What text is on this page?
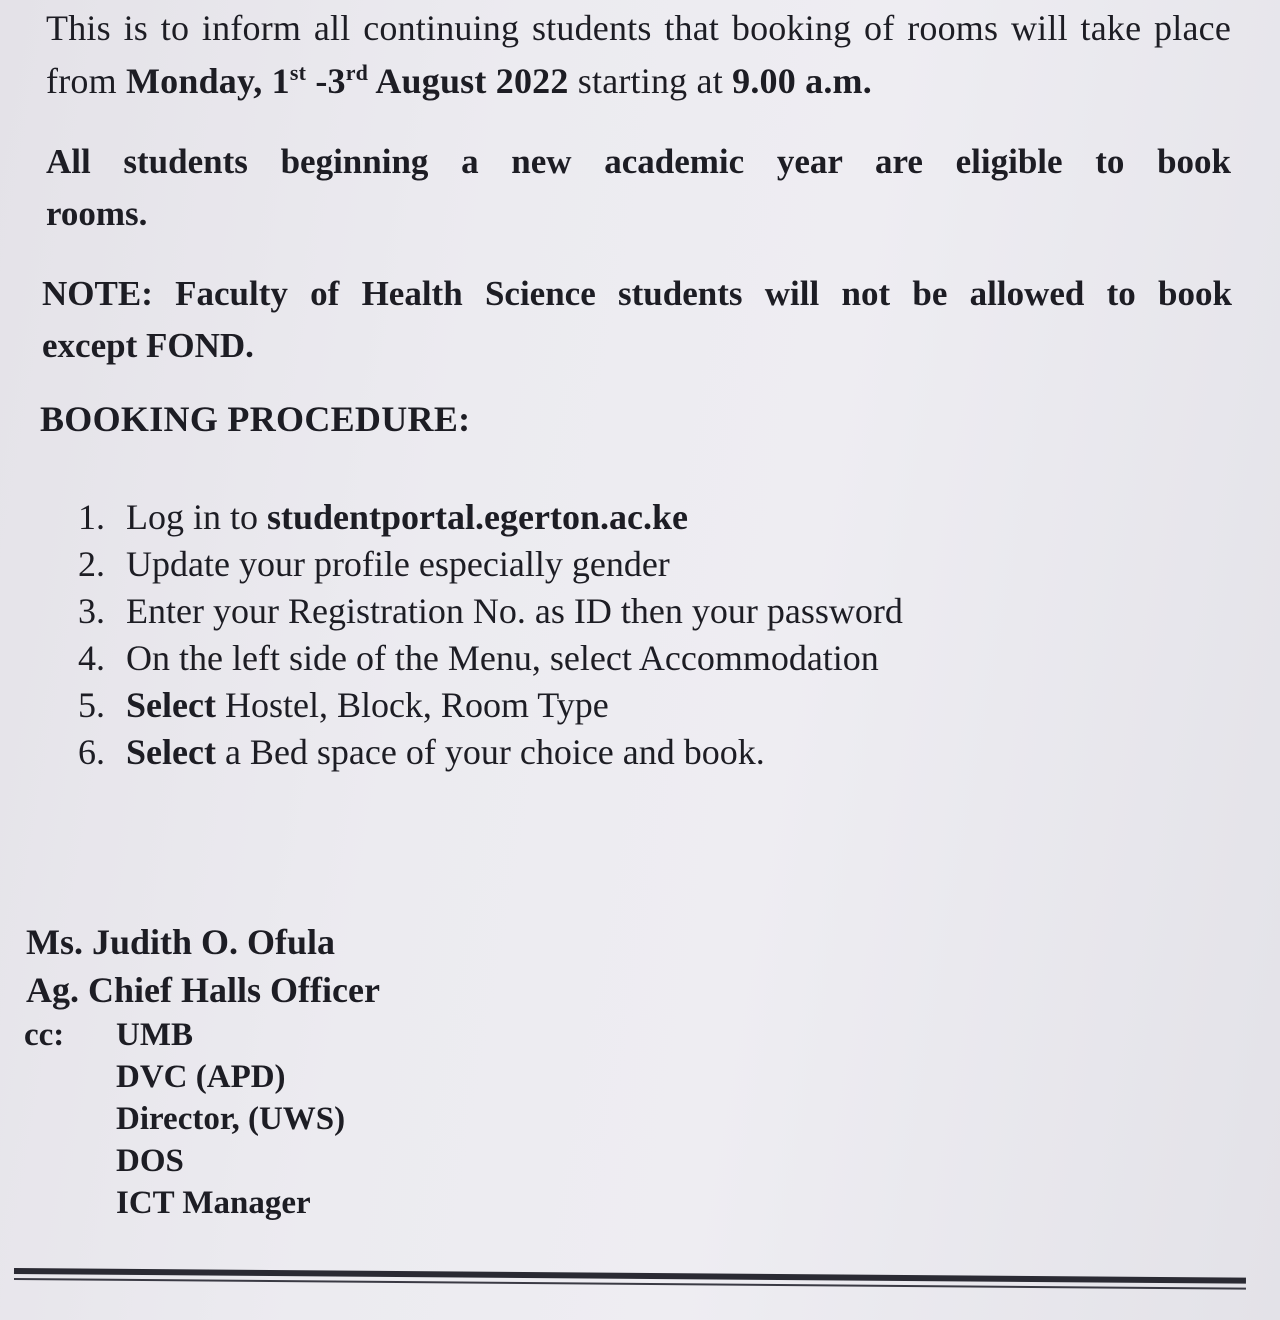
This is to inform all continuing students that booking of rooms will take place from Monday, 1st -3rd August 2022 starting at 9.00 a.m.

All students beginning a new academic year are eligible to book
rooms.

NOTE: Faculty of Health Science students will not be allowed to book
except FOND.

BOOKING PROCEDURE:
1. Log in to studentportal.egerton.ac.ke
2. Update your profile especially gender
3. Enter your Registration No. as ID then your password
4. On the left side of the Menu, select Accommodation
5. Select Hostel, Block, Room Type
6. Select a Bed space of your choice and book.
Ms. Judith O. Ofula
Ag. Chief Halls Officer
cc: UMB
DVC (APD)
Director, (UWS)
DOS
ICT Manager
